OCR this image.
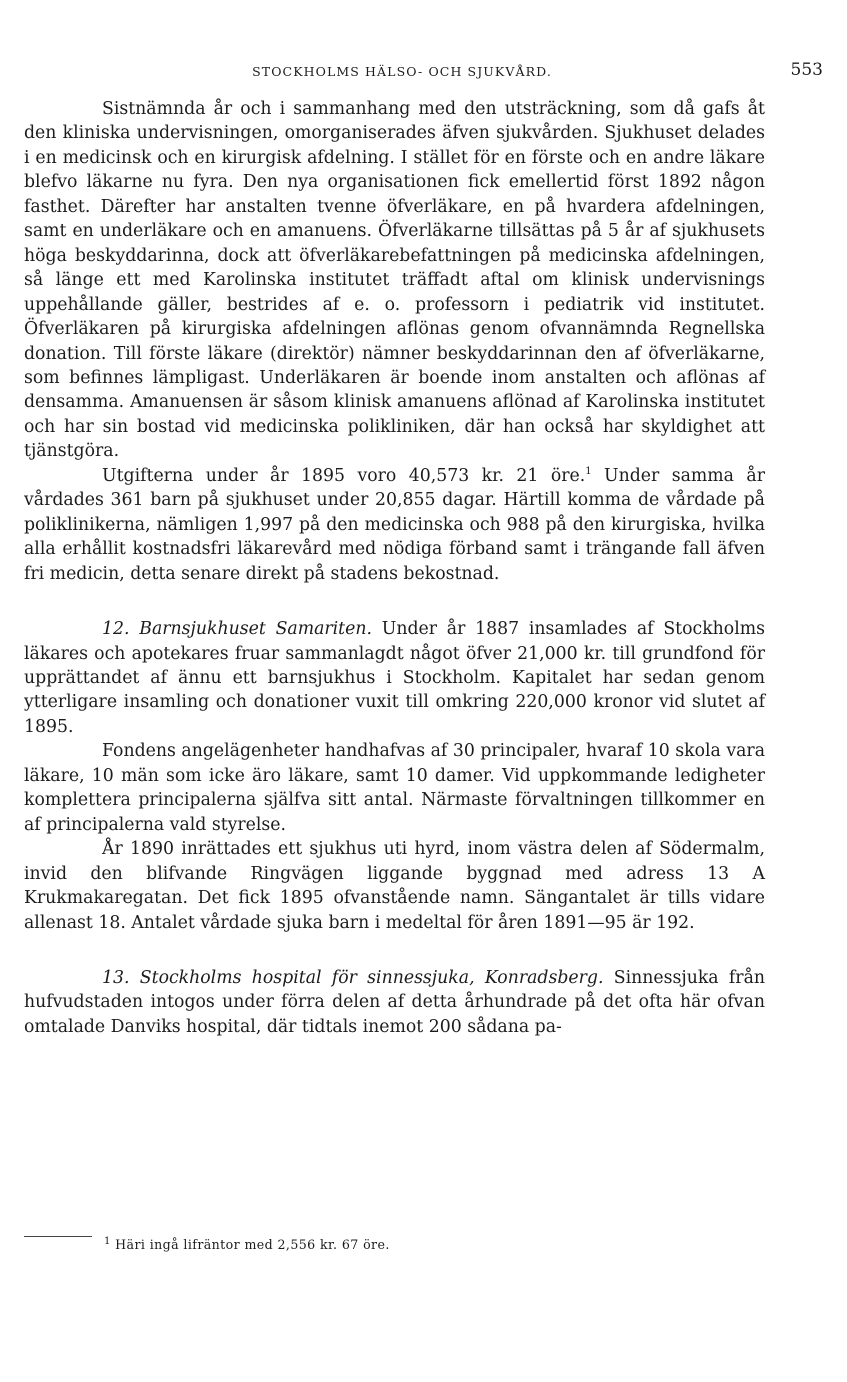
STOCKHOLMS HÄLSO- OCH SJUKVÅRD.	553

Sistnämnda år och i sammanhang med den utsträckning, som då gafs åt den kliniska undervisningen, omorganiserades äfven sjukvården. Sjukhuset delades i en medicinsk och en kirurgisk afdelning. I stället för en förste och en andre läkare blefvo läkarne nu fyra. Den nya organisationen fick emellertid först 1892 någon fasthet. Därefter har anstalten tvenne öfverläkare, en på hvardera afdelningen, samt en underläkare och en amanuens. Öfverläkarne tillsättas på 5 år af sjukhusets höga beskyddarinna, dock att öfverläkarebefattningen på medicinska afdelningen, så länge ett med Karolinska institutet träffadt aftal om klinisk undervisnings uppehållande gäller, bestrides af e. o. professorn i pediatrik vid institutet. Öfverläkaren på kirurgiska afdelningen aflönas genom ofvannämnda Regnellska donation. Till förste läkare (direktör) nämner beskyddarinnan den af öfverläkarne, som befinnes lämpligast. Underläkaren är boende inom anstalten och aflönas af densamma. Amanuensen är såsom klinisk amanuens aflönad af Karolinska institutet och har sin bostad vid medicinska polikliniken, där han också har skyldighet att tjänstgöra.

Utgifterna under år 1895 voro 40,573 kr. 21 öre.$^1$ Under samma år vårdades 361 barn på sjukhuset under 20,855 dagar. Härtill komma de vårdade på poliklinikerna, nämligen 1,997 på den medicinska och 988 på den kirurgiska, hvilka alla erhållit kostnadsfri läkarevård med nödiga förband samt i trängande fall äfven fri medicin, detta senare direkt på stadens bekostnad.

12. Barnsjukhuset Samariten. Under år 1887 insamlades af Stockholms läkares och apotekares fruar sammanlagdt något öfver 21,000 kr. till grundfond för upprättandet af ännu ett barnsjukhus i Stockholm. Kapitalet har sedan genom ytterligare insamling och donationer vuxit till omkring 220,000 kronor vid slutet af 1895.

Fondens angelägenheter handhafvas af 30 principaler, hvaraf 10 skola vara läkare, 10 män som icke äro läkare, samt 10 damer. Vid uppkommande ledigheter komplettera principalerna själfva sitt antal. Närmaste förvaltningen tillkommer en af principalerna vald styrelse.

År 1890 inrättades ett sjukhus uti hyrd, inom västra delen af Södermalm, invid den blifvande Ringvägen liggande byggnad med adress 13 A Krukmakaregatan. Det fick 1895 ofvanstående namn. Sängantalet är tills vidare allenast 18. Antalet vårdade sjuka barn i medeltal för åren 1891—95 är 192.

13. Stockholms hospital för sinnessjuka, Konradsberg. Sinnessjuka från hufvudstaden intogos under förra delen af detta århundrade på det ofta här ofvan omtalade Danviks hospital, där tidtals inemot 200 sådana pa-

$^1$ Häri ingå lifräntor med 2,556 kr. 67 öre.
